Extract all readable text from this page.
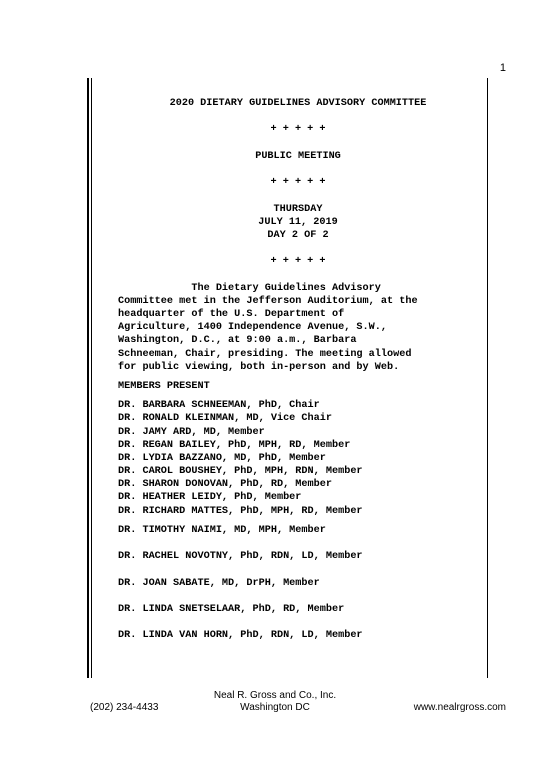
1
2020 DIETARY GUIDELINES ADVISORY COMMITTEE
+ + + + +
PUBLIC MEETING
+ + + + +
THURSDAY
JULY 11, 2019
DAY 2 OF 2
+ + + + +
The Dietary Guidelines Advisory
Committee met in the Jefferson Auditorium, at the
headquarter of the U.S. Department of
Agriculture, 1400 Independence Avenue, S.W.,
Washington, D.C., at 9:00 a.m., Barbara
Schneeman, Chair, presiding. The meeting allowed
for public viewing, both in-person and by Web.
MEMBERS PRESENT
DR. BARBARA SCHNEEMAN, PhD, Chair
DR. RONALD KLEINMAN, MD, Vice Chair
DR. JAMY ARD, MD, Member
DR. REGAN BAILEY, PhD, MPH, RD, Member
DR. LYDIA BAZZANO, MD, PhD, Member
DR. CAROL BOUSHEY, PhD, MPH, RDN, Member
DR. SHARON DONOVAN, PhD, RD, Member
DR. HEATHER LEIDY, PhD, Member
DR. RICHARD MATTES, PhD, MPH, RD, Member
DR. TIMOTHY NAIMI, MD, MPH, Member
DR. RACHEL NOVOTNY, PhD, RDN, LD, Member
DR. JOAN SABATE, MD, DrPH, Member
DR. LINDA SNETSELAAR, PhD, RD, Member
DR. LINDA VAN HORN, PhD, RDN, LD, Member
Neal R. Gross and Co., Inc.
(202) 234-4433	Washington DC	www.nealrgross.com
